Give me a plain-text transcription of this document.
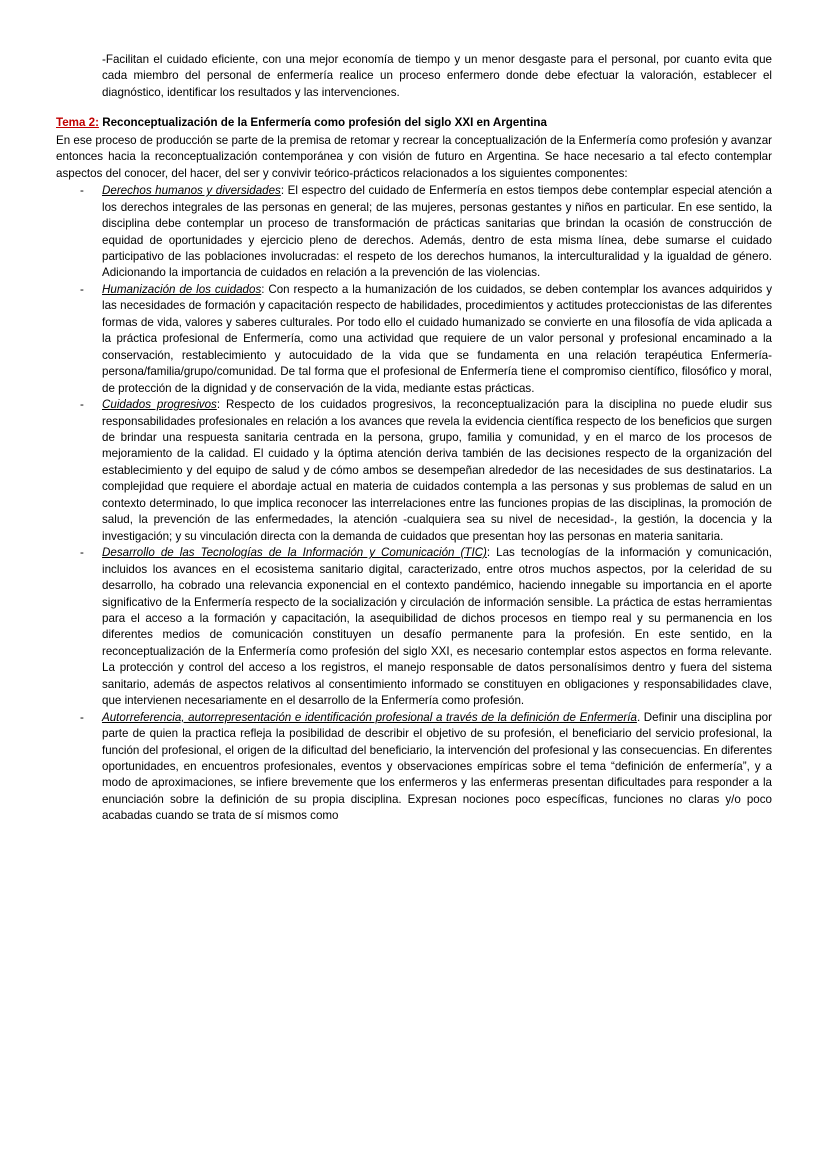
-Facilitan el cuidado eficiente, con una mejor economía de tiempo y un menor desgaste para el personal, por cuanto evita que cada miembro del personal de enfermería realice un proceso enfermero donde debe efectuar la valoración, establecer el diagnóstico, identificar los resultados y las intervenciones.

Tema 2: Reconceptualización de la Enfermería como profesión del siglo XXI en Argentina

En ese proceso de producción se parte de la premisa de retomar y recrear la conceptualización de la Enfermería como profesión y avanzar entonces hacia la reconceptualización contemporánea y con visión de futuro en Argentina. Se hace necesario a tal efecto contemplar aspectos del conocer, del hacer, del ser y convivir teórico-prácticos relacionados a los siguientes componentes:

- Derechos humanos y diversidades: El espectro del cuidado de Enfermería en estos tiempos debe contemplar especial atención a los derechos integrales de las personas en general; de las mujeres, personas gestantes y niños en particular. En ese sentido, la disciplina debe contemplar un proceso de transformación de prácticas sanitarias que brindan la ocasión de construcción de equidad de oportunidades y ejercicio pleno de derechos. Además, dentro de esta misma línea, debe sumarse el cuidado participativo de las poblaciones involucradas: el respeto de los derechos humanos, la interculturalidad y la igualdad de género. Adicionando la importancia de cuidados en relación a la prevención de las violencias.
- Humanización de los cuidados: Con respecto a la humanización de los cuidados, se deben contemplar los avances adquiridos y las necesidades de formación y capacitación respecto de habilidades, procedimientos y actitudes proteccionistas de las diferentes formas de vida, valores y saberes culturales. Por todo ello el cuidado humanizado se convierte en una filosofía de vida aplicada a la práctica profesional de Enfermería, como una actividad que requiere de un valor personal y profesional encaminado a la conservación, restablecimiento y autocuidado de la vida que se fundamenta en una relación terapéutica Enfermería-persona/familia/grupo/comunidad. De tal forma que el profesional de Enfermería tiene el compromiso científico, filosófico y moral, de protección de la dignidad y de conservación de la vida, mediante estas prácticas.
- Cuidados progresivos: Respecto de los cuidados progresivos, la reconceptualización para la disciplina no puede eludir sus responsabilidades profesionales en relación a los avances que revela la evidencia científica respecto de los beneficios que surgen de brindar una respuesta sanitaria centrada en la persona, grupo, familia y comunidad, y en el marco de los procesos de mejoramiento de la calidad. El cuidado y la óptima atención deriva también de las decisiones respecto de la organización del establecimiento y del equipo de salud y de cómo ambos se desempeñan alrededor de las necesidades de sus destinatarios. La complejidad que requiere el abordaje actual en materia de cuidados contempla a las personas y sus problemas de salud en un contexto determinado, lo que implica reconocer las interrelaciones entre las funciones propias de las disciplinas, la promoción de salud, la prevención de las enfermedades, la atención -cualquiera sea su nivel de necesidad-, la gestión, la docencia y la investigación; y su vinculación directa con la demanda de cuidados que presentan hoy las personas en materia sanitaria.
- Desarrollo de las Tecnologías de la Información y Comunicación (TIC): Las tecnologías de la información y comunicación, incluidos los avances en el ecosistema sanitario digital, caracterizado, entre otros muchos aspectos, por la celeridad de su desarrollo, ha cobrado una relevancia exponencial en el contexto pandémico, haciendo innegable su importancia en el aporte significativo de la Enfermería respecto de la socialización y circulación de información sensible. La práctica de estas herramientas para el acceso a la formación y capacitación, la asequibilidad de dichos procesos en tiempo real y su permanencia en los diferentes medios de comunicación constituyen un desafío permanente para la profesión. En este sentido, en la reconceptualización de la Enfermería como profesión del siglo XXI, es necesario contemplar estos aspectos en forma relevante. La protección y control del acceso a los registros, el manejo responsable de datos personalísimos dentro y fuera del sistema sanitario, además de aspectos relativos al consentimiento informado se constituyen en obligaciones y responsabilidades clave, que intervienen necesariamente en el desarrollo de la Enfermería como profesión.
- Autorreferencia, autorrepresentación e identificación profesional a través de la definición de Enfermería. Definir una disciplina por parte de quien la practica refleja la posibilidad de describir el objetivo de su profesión, el beneficiario del servicio profesional, la función del profesional, el origen de la dificultad del beneficiario, la intervención del profesional y las consecuencias. En diferentes oportunidades, en encuentros profesionales, eventos y observaciones empíricas sobre el tema “definición de enfermería”, y a modo de aproximaciones, se infiere brevemente que los enfermeros y las enfermeras presentan dificultades para responder a la enunciación sobre la definición de su propia disciplina. Expresan nociones poco específicas, funciones no claras y/o poco acabadas cuando se trata de sí mismos como
